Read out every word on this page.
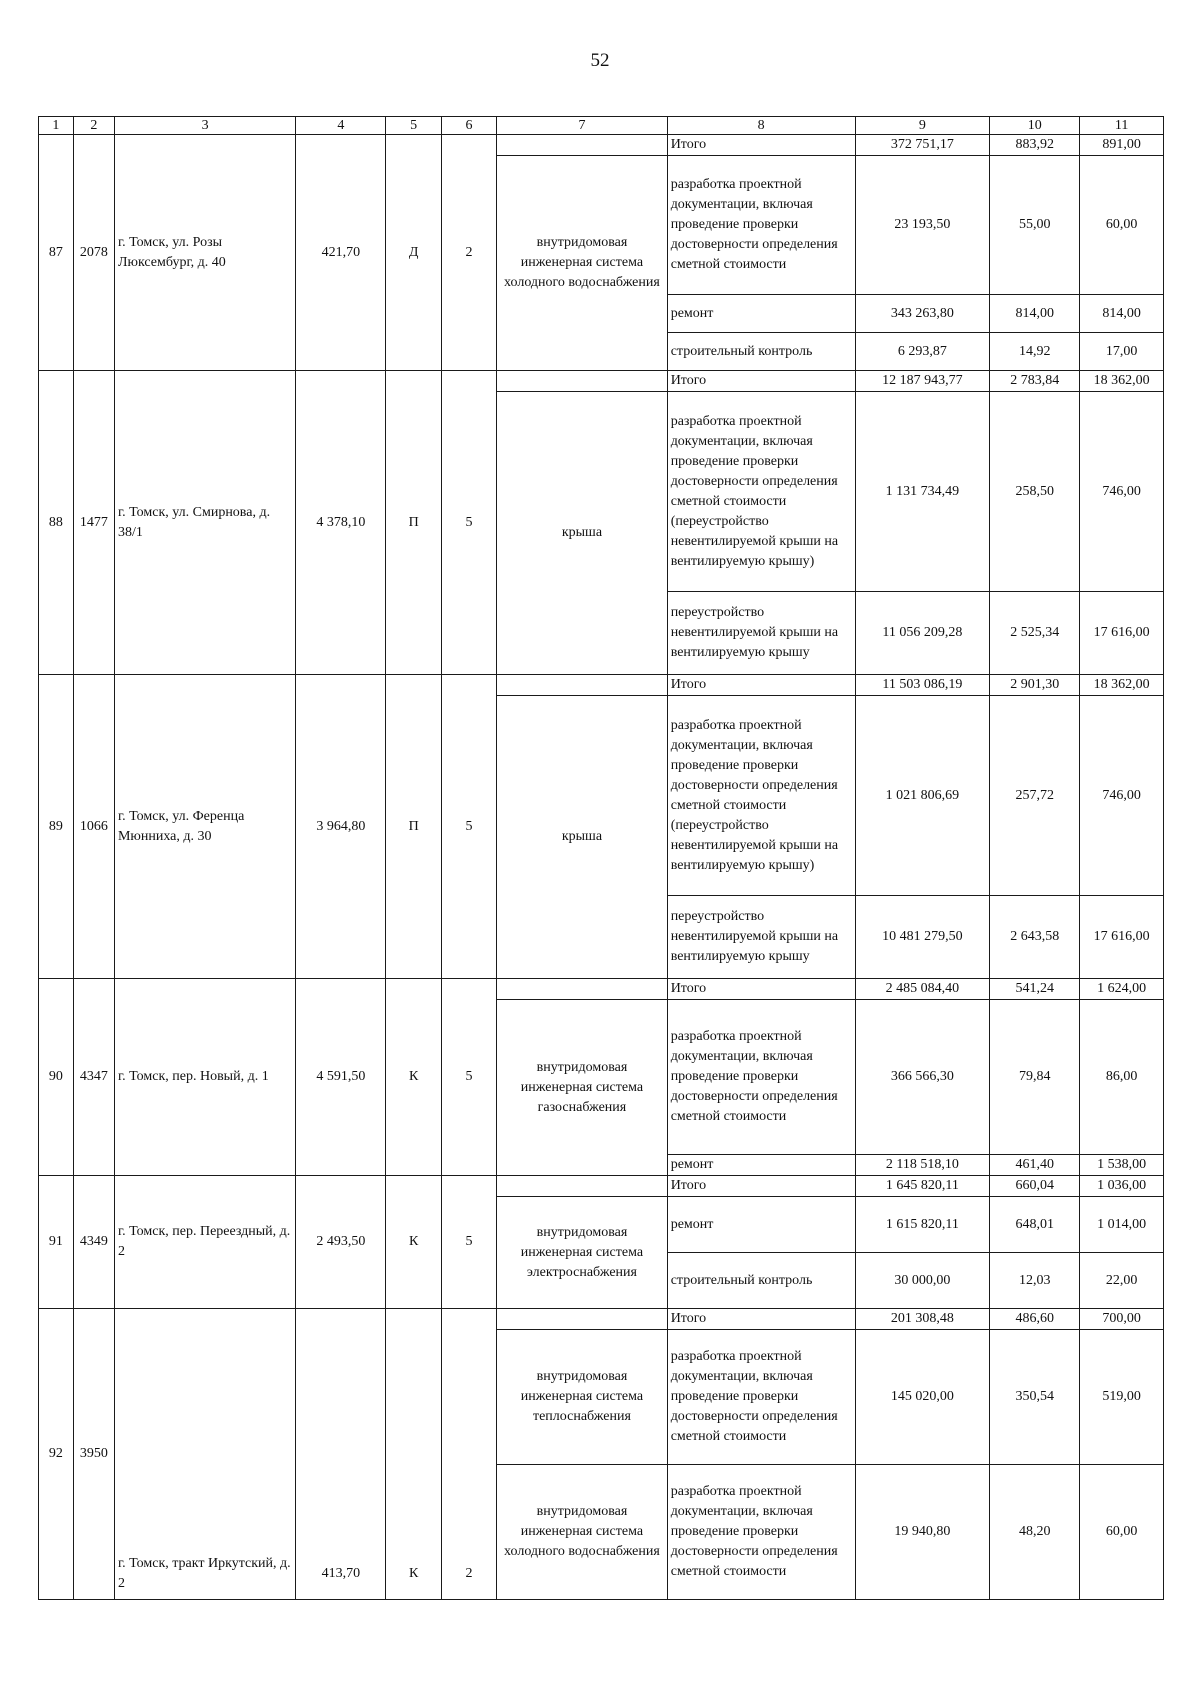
52
1	2	3	4	5	6	7	8	9	10	11
87	2078	г. Томск, ул. Розы Люксембург, д. 40	421,70	Д	2		Итого	372 751,17	883,92	891,00
						внутридомовая инженерная система холодного водоснабжения	разработка проектной документации, включая проведение проверки достоверности определения сметной стоимости	23 193,50	55,00	60,00
							ремонт	343 263,80	814,00	814,00
							строительный контроль	6 293,87	14,92	17,00
88	1477	г. Томск, ул. Смирнова, д. 38/1	4 378,10	П	5		Итого	12 187 943,77	2 783,84	18 362,00
						крыша	разработка проектной документации, включая проведение проверки достоверности определения сметной стоимости (переустройство невентилируемой крыши на вентилируемую крышу)	1 131 734,49	258,50	746,00
							переустройство невентилируемой крыши на вентилируемую крышу	11 056 209,28	2 525,34	17 616,00
89	1066	г. Томск, ул. Ференца Мюнниха, д. 30	3 964,80	П	5		Итого	11 503 086,19	2 901,30	18 362,00
						крыша	разработка проектной документации, включая проведение проверки достоверности определения сметной стоимости (переустройство невентилируемой крыши на вентилируемую крышу)	1 021 806,69	257,72	746,00
							переустройство невентилируемой крыши на вентилируемую крышу	10 481 279,50	2 643,58	17 616,00
90	4347	г. Томск, пер. Новый, д. 1	4 591,50	К	5		Итого	2 485 084,40	541,24	1 624,00
						внутридомовая инженерная система газоснабжения	разработка проектной документации, включая проведение проверки достоверности определения сметной стоимости	366 566,30	79,84	86,00
							ремонт	2 118 518,10	461,40	1 538,00
91	4349	г. Томск, пер. Переездный, д. 2	2 493,50	К	5		Итого	1 645 820,11	660,04	1 036,00
						внутридомовая инженерная система электроснабжения	ремонт	1 615 820,11	648,01	1 014,00
							строительный контроль	30 000,00	12,03	22,00
92	3950	г. Томск, тракт Иркутский, д. 2	413,70	К	2		Итого	201 308,48	486,60	700,00
						внутридомовая инженерная система теплоснабжения	разработка проектной документации, включая проведение проверки достоверности определения сметной стоимости	145 020,00	350,54	519,00
						внутридомовая инженерная система холодного водоснабжения	разработка проектной документации, включая проведение проверки достоверности определения сметной стоимости	19 940,80	48,20	60,00
